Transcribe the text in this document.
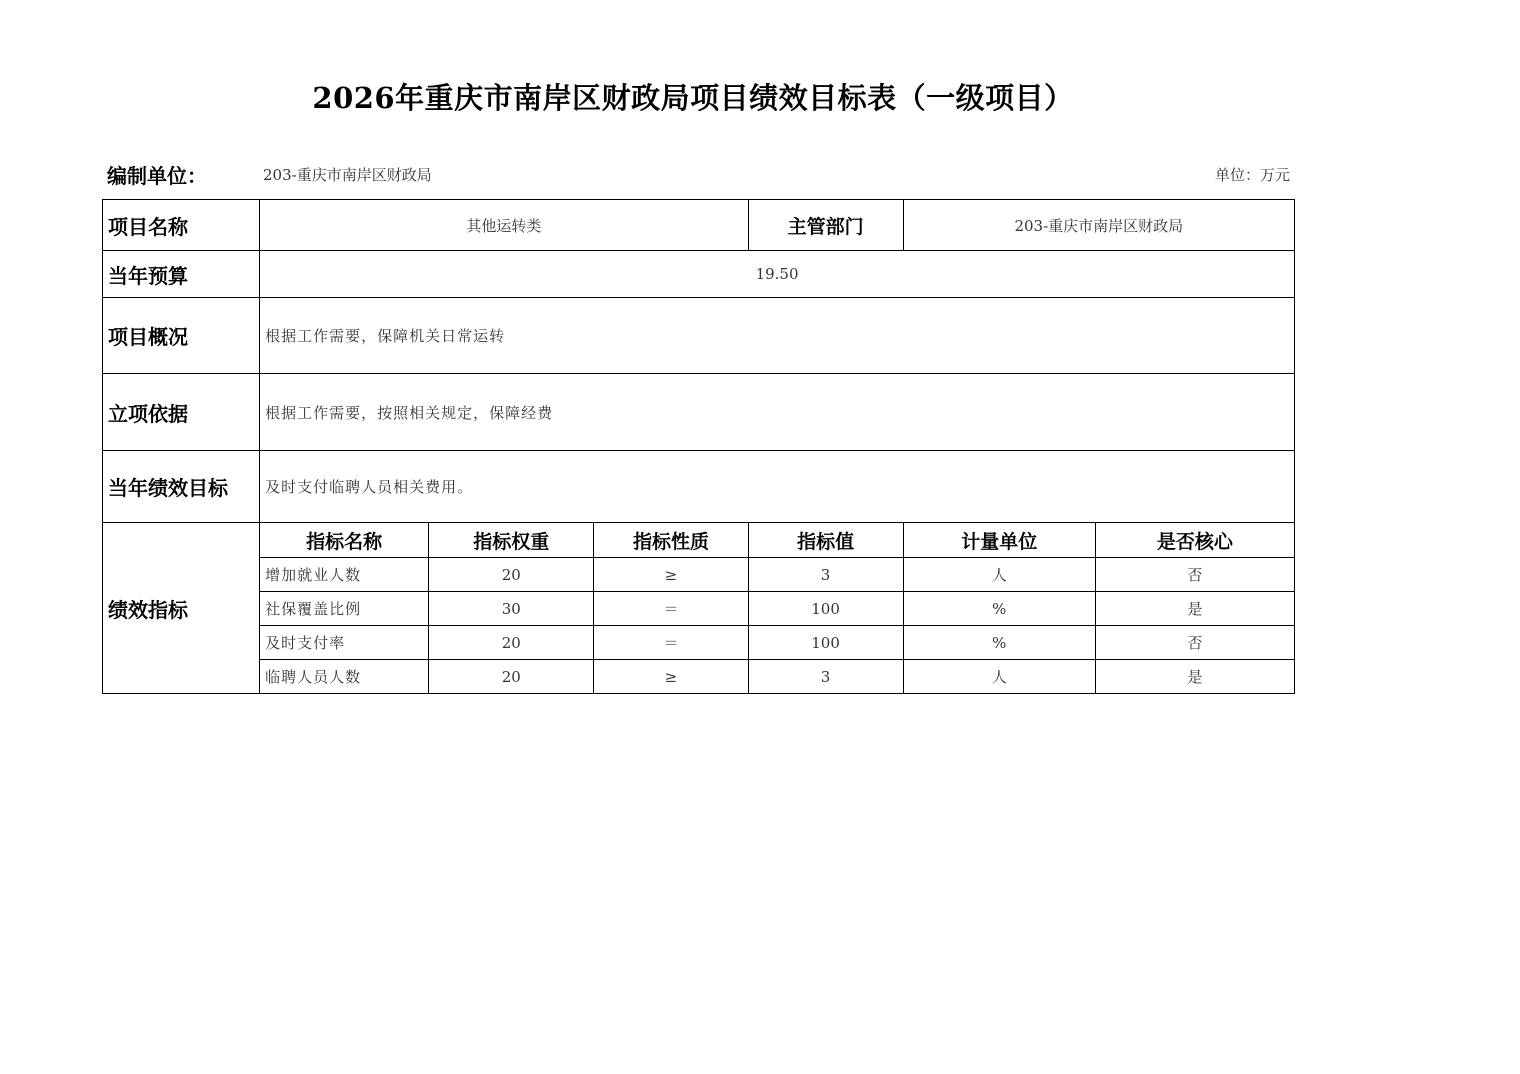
2026年重庆市南岸区财政局项目绩效目标表（一级项目）
编制单位：	203-重庆市南岸区财政局	单位：万元
项目名称	其他运转类			主管部门	203-重庆市南岸区财政局	
当年预算	19.50					
项目概况	根据工作需要，保障机关日常运转					
立项依据	根据工作需要，按照相关规定，保障经费					
当年绩效目标	及时支付临聘人员相关费用。					
绩效指标	指标名称	指标权重	指标性质	指标值	计量单位	是否核心
	增加就业人数	20	≥	3	人	否
	社保覆盖比例	30	＝	100	%	是
	及时支付率	20	＝	100	%	否
	临聘人员人数	20	≥	3	人	是
